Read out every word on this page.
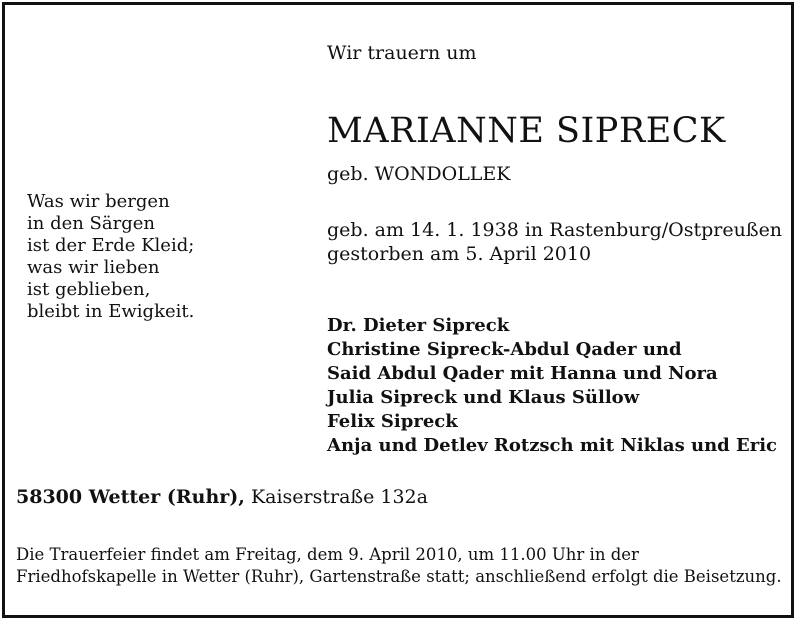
Wir trauern um

MARIANNE SIPRECK

geb. WONDOLLEK

geb. am 14. 1. 1938 in Rastenburg/Ostpreußen
gestorben am 5. April 2010
Was wir bergen
in den Särgen
ist der Erde Kleid;
was wir lieben
ist geblieben,
bleibt in Ewigkeit.
Dr. Dieter Sipreck
Christine Sipreck-Abdul Qader und
Said Abdul Qader mit Hanna und Nora
Julia Sipreck und Klaus Süllow
Felix Sipreck
Anja und Detlev Rotzsch mit Niklas und Eric
58300 Wetter (Ruhr), Kaiserstraße 132a
Die Trauerfeier findet am Freitag, dem 9. April 2010, um 11.00 Uhr in der
Friedhofskapelle in Wetter (Ruhr), Gartenstraße statt; anschließend erfolgt die Beisetzung.
